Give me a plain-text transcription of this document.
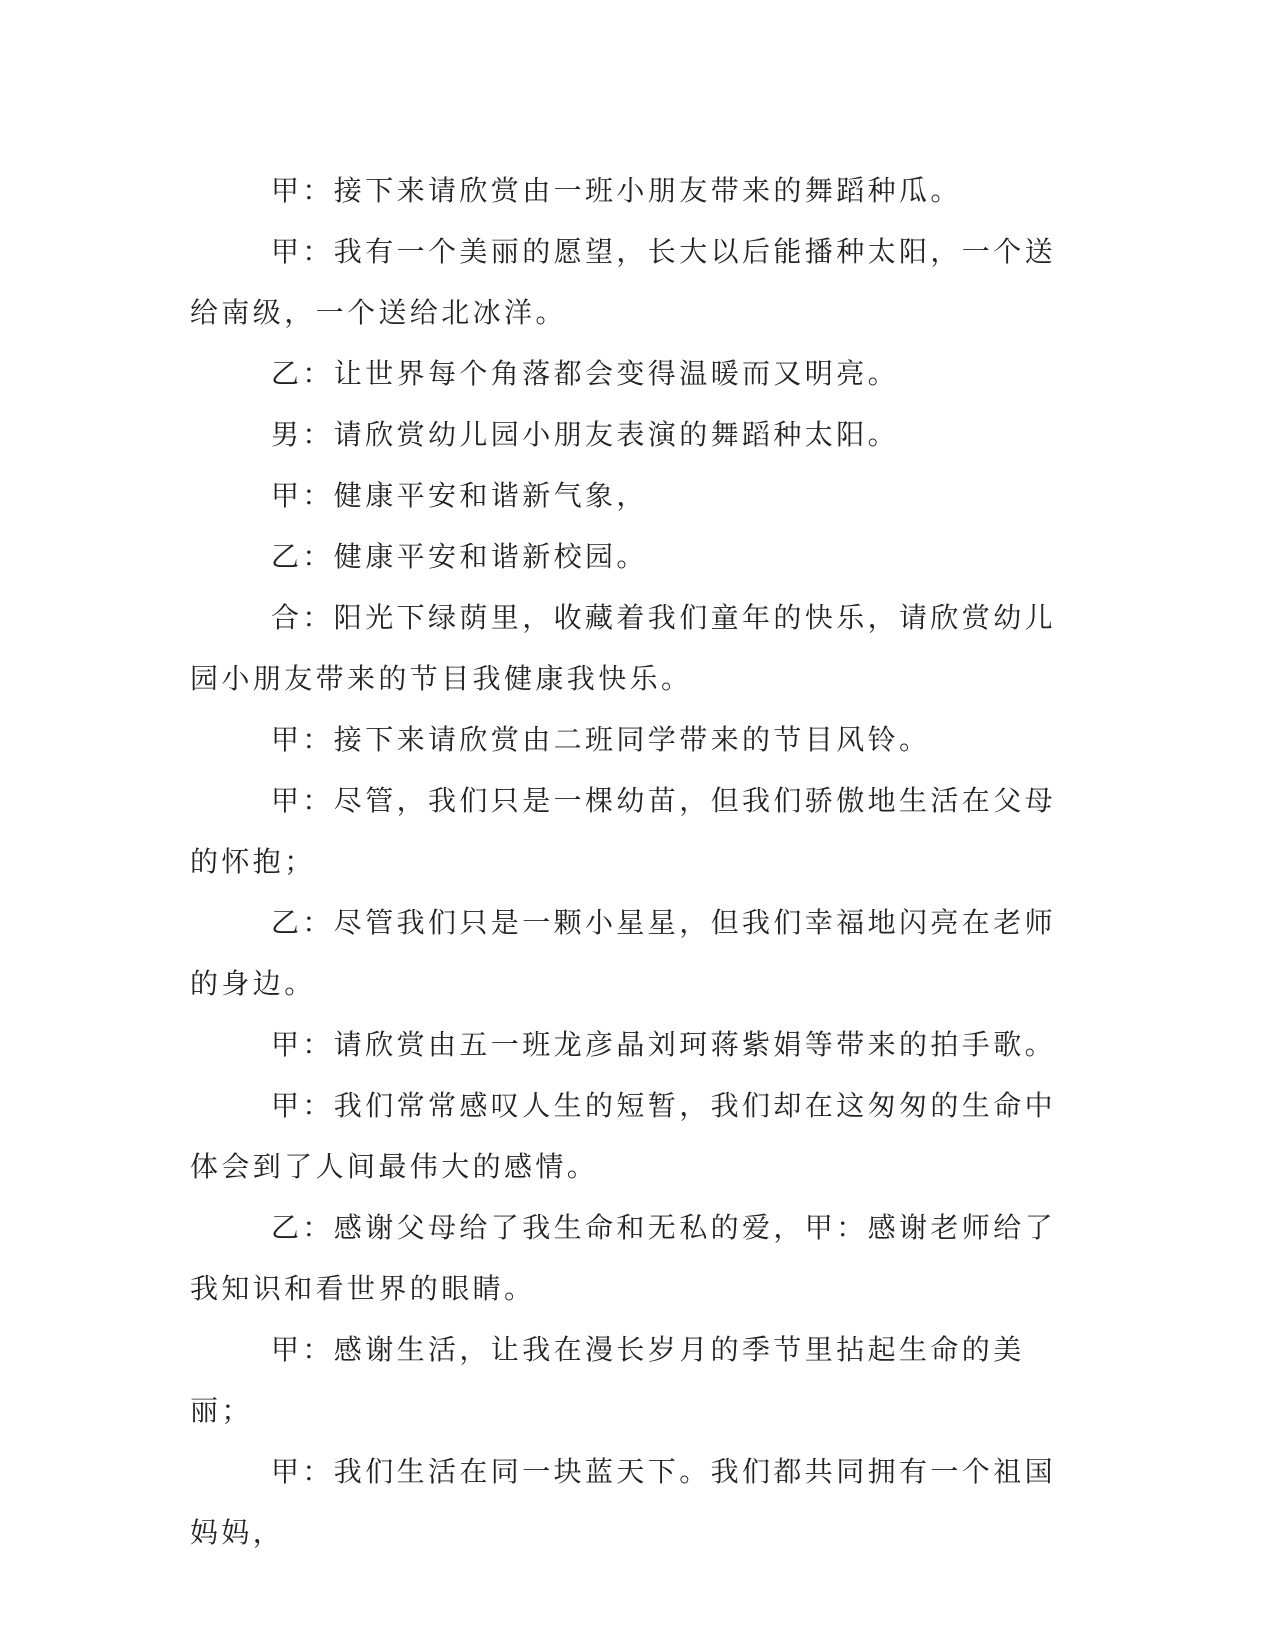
甲：接下来请欣赏由一班小朋友带来的舞蹈种瓜。

甲：我有一个美丽的愿望，长大以后能播种太阳，一个送给南级，一个送给北冰洋。

乙：让世界每个角落都会变得温暖而又明亮。

男：请欣赏幼儿园小朋友表演的舞蹈种太阳。

甲：健康平安和谐新气象，

乙：健康平安和谐新校园。

合：阳光下绿荫里，收藏着我们童年的快乐，请欣赏幼儿园小朋友带来的节目我健康我快乐。

甲：接下来请欣赏由二班同学带来的节目风铃。

甲：尽管，我们只是一棵幼苗，但我们骄傲地生活在父母的怀抱；

乙：尽管我们只是一颗小星星，但我们幸福地闪亮在老师的身边。

甲：请欣赏由五一班龙彦晶刘珂蒋紫娟等带来的拍手歌。

甲：我们常常感叹人生的短暂，我们却在这匆匆的生命中体会到了人间最伟大的感情。

乙：感谢父母给了我生命和无私的爱，甲：感谢老师给了我知识和看世界的眼睛。

甲：感谢生活，让我在漫长岁月的季节里拈起生命的美丽；

甲：我们生活在同一块蓝天下。我们都共同拥有一个祖国妈妈，
